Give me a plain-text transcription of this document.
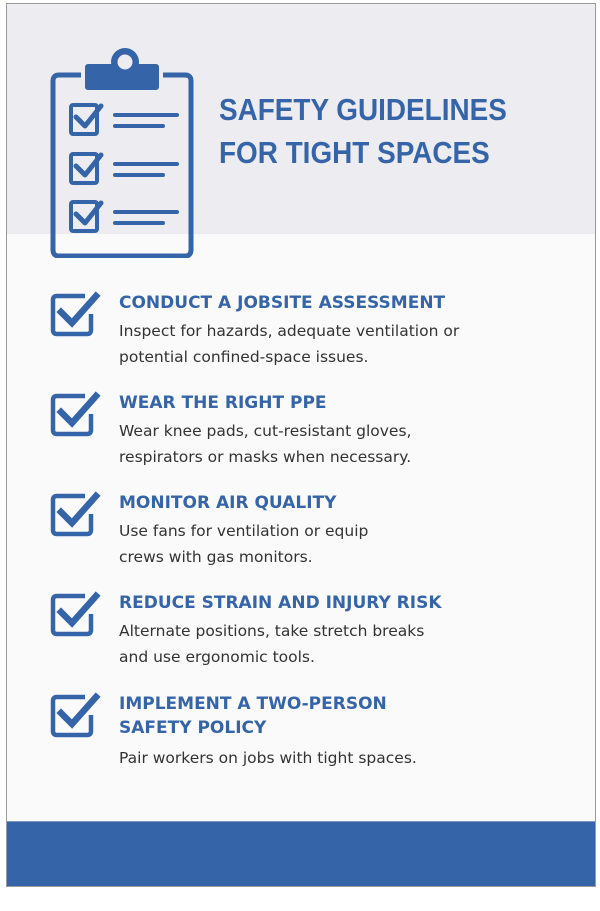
SAFETY GUIDELINES
FOR TIGHT SPACES
CONDUCT A JOBSITE ASSESSMENT

Inspect for hazards, adequate ventilation or

potential confined-space issues.

WEAR THE RIGHT PPE

Wear knee pads, cut-resistant gloves,

respirators or masks when necessary.

MONITOR AIR QUALITY

Use fans for ventilation or equip

crews with gas monitors.

REDUCE STRAIN AND INJURY RISK

Alternate positions, take stretch breaks

and use ergonomic tools.

IMPLEMENT A TWO-PERSON
SAFETY POLICY

Pair workers on jobs with tight spaces.
